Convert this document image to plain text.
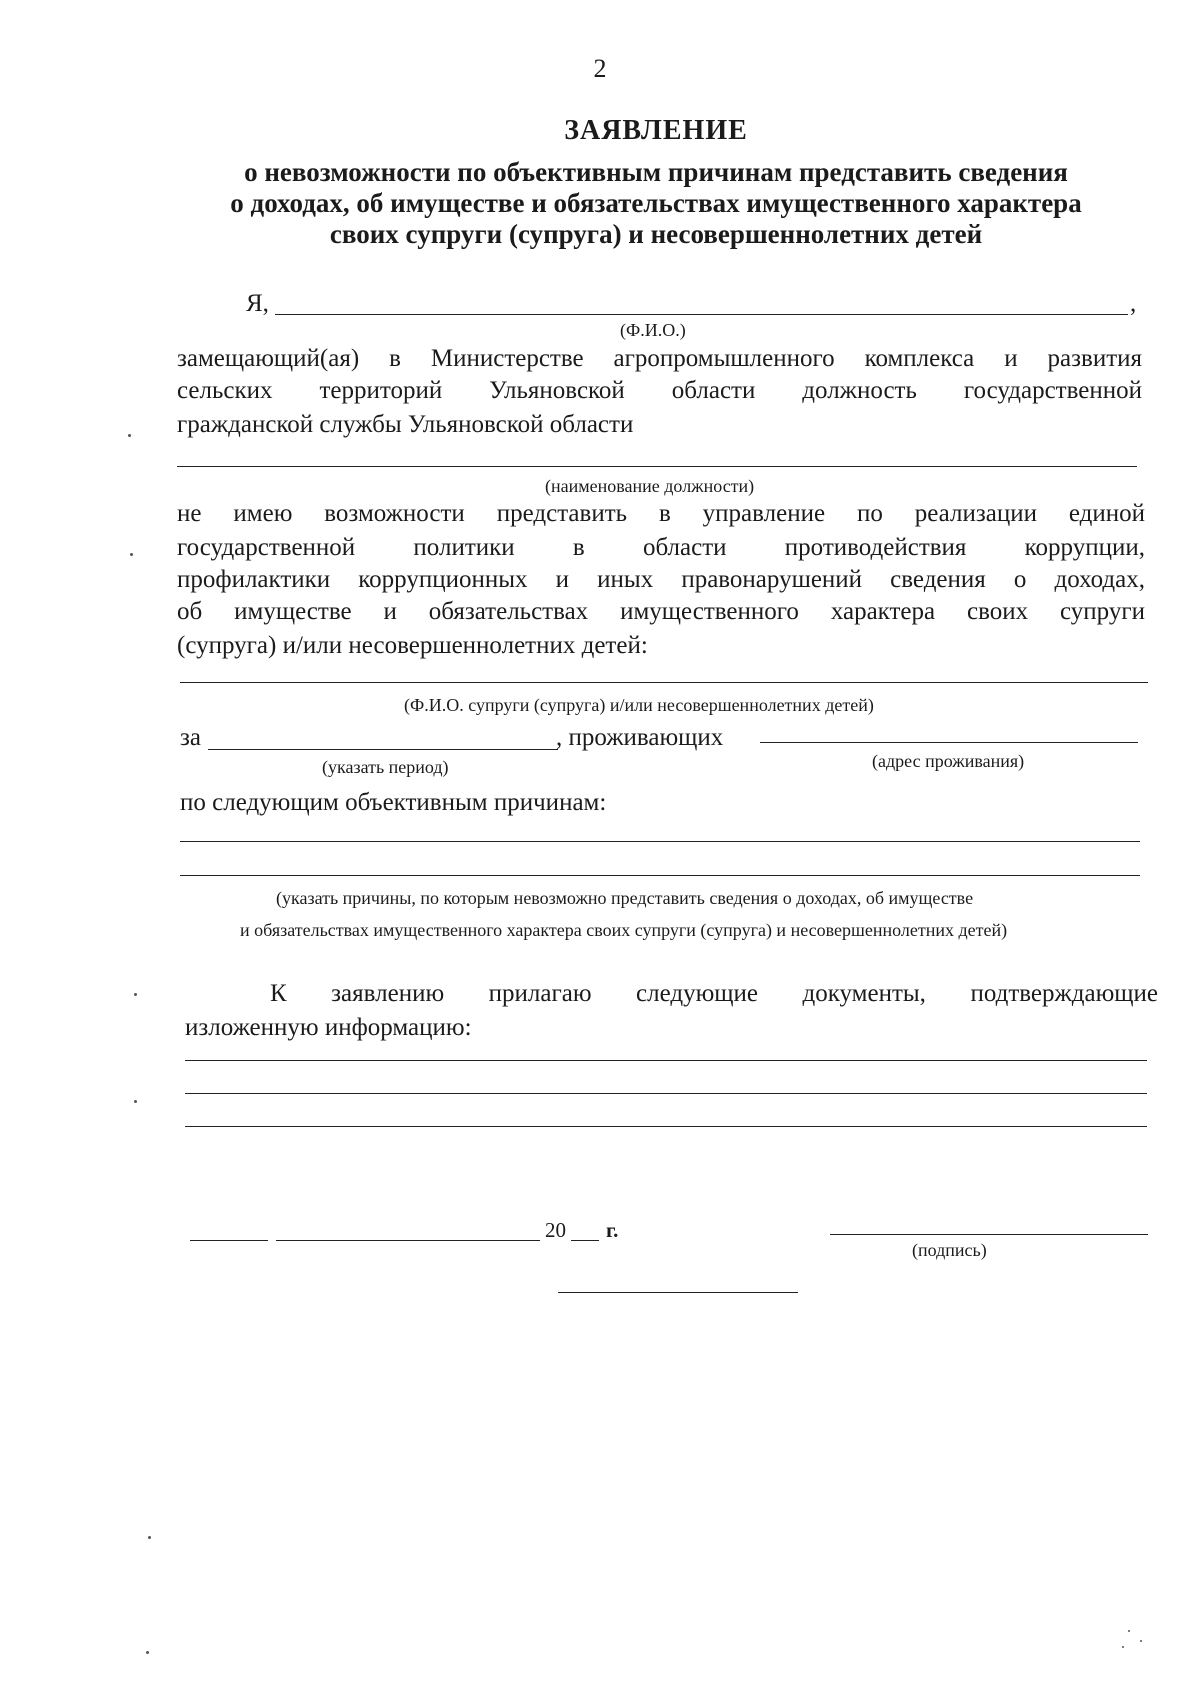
2
ЗАЯВЛЕНИЕ
о невозможности по объективным причинам представить сведения
о доходах, об имуществе и обязательствах имущественного характера
своих супруги (супруга) и несовершеннолетних детей
Я,	,
(Ф.И.О.)
замещающий(ая) в Министерстве агропромышленного комплекса и развития
сельских территорий Ульяновской области должность государственной
гражданской службы Ульяновской области
(наименование должности)
не имею возможности представить в управление по реализации единой
государственной политики в области противодействия коррупции,
профилактики коррупционных и иных правонарушений сведения о доходах,
об имуществе и обязательствах имущественного характера своих супруги
(супруга) и/или несовершеннолетних детей:
(Ф.И.О. супруги (супруга) и/или несовершеннолетних детей)
за	, проживающих
(указать период)	(адрес проживания)
по следующим объективным причинам:
(указать причины, по которым невозможно представить сведения о доходах, об имуществе
и обязательствах имущественного характера своих супруги (супруга) и несовершеннолетних детей)
К заявлению прилагаю следующие документы, подтверждающие
изложенную информацию:
20 г.
(подпись)
